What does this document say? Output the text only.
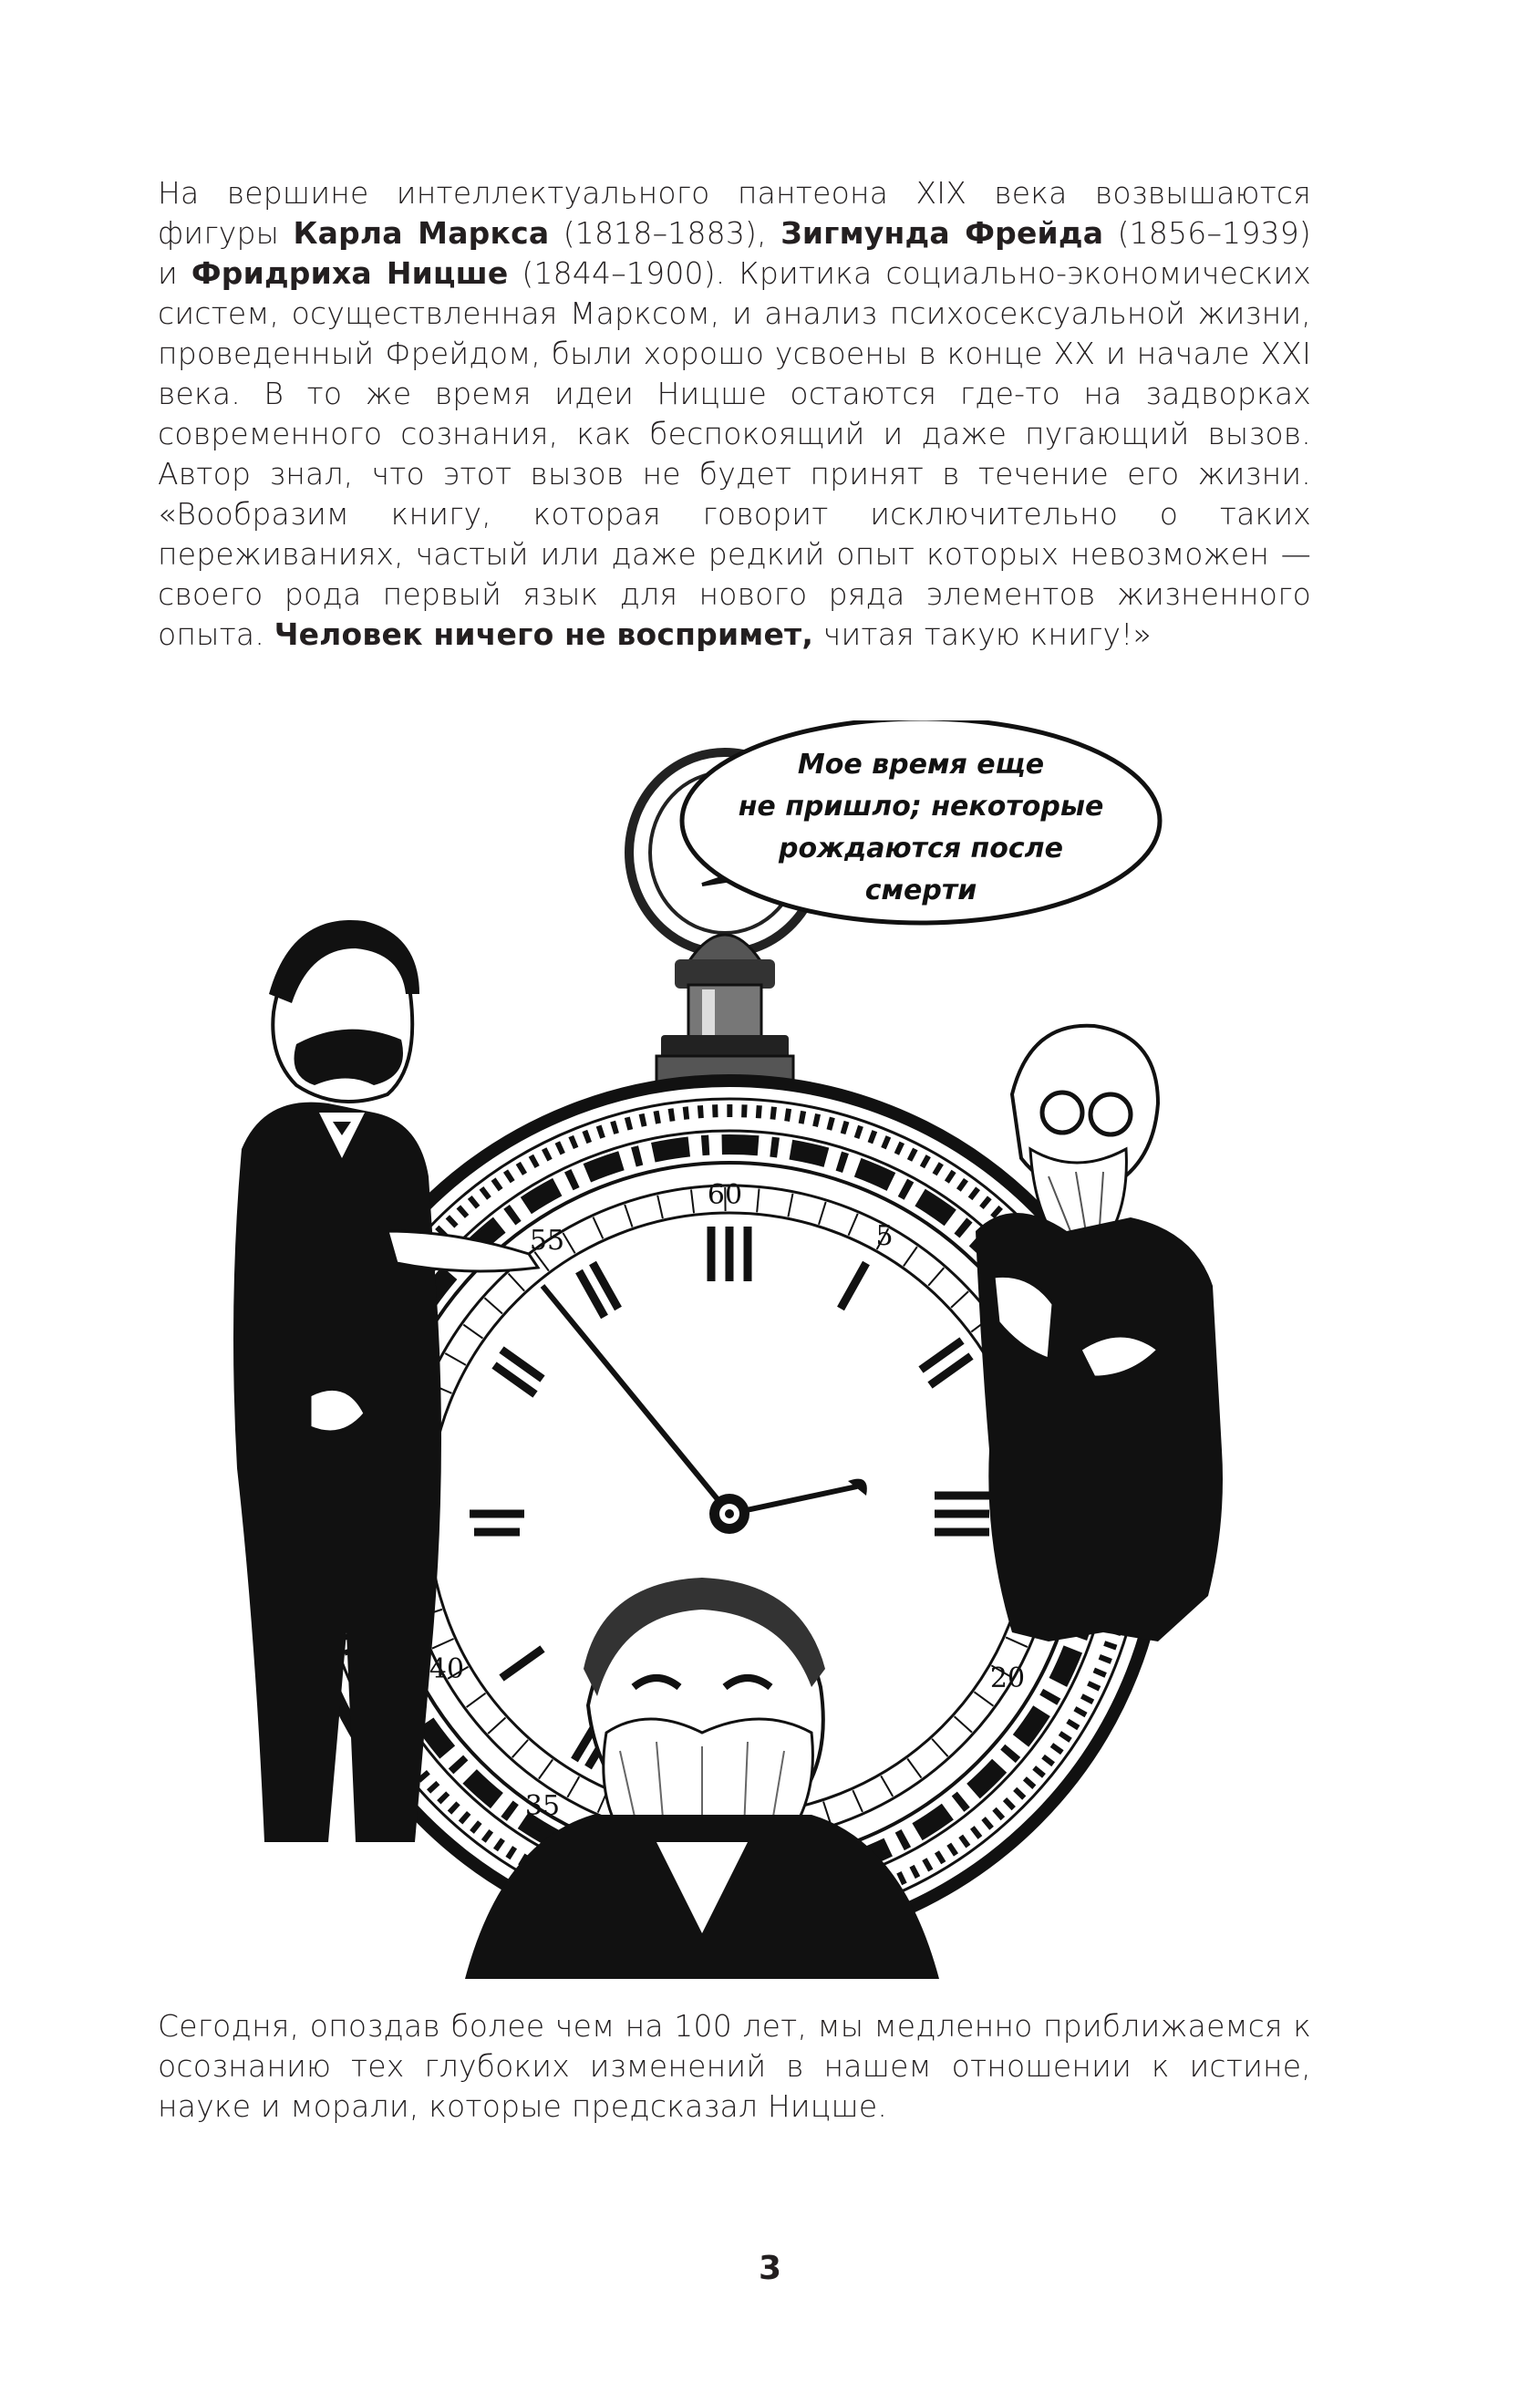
На вершине интеллектуального пантеона XIX века возвышаются фигуры Карла Маркса (1818–1883), Зигмунда Фрейда (1856–1939) и Фридриха Ницше (1844–1900). Критика социально-экономических систем, осуществленная Марксом, и анализ психосексуальной жизни, проведенный Фрейдом, были хорошо усвоены в конце XX и начале XXI века. В то же время идеи Ницше остаются где-то на задворках современного сознания, как беспокоящий и даже пугающий вызов. Автор знал, что этот вызов не будет принят в течение его жизни. «Вообразим книгу, которая говорит исключительно о таких переживаниях, частый или даже редкий опыт которых невозможен — своего рода первый язык для нового ряда элементов жизненного опыта. Человек ничего не воспримет, читая такую книгу!»

60
5
20
55
40
35
Мое время еще
не пришло; некоторые
рождаются после
смерти

Сегодня, опоздав более чем на 100 лет, мы медленно приближаемся к осознанию тех глубоких изменений в нашем отношении к истине, науке и морали, которые предсказал Ницше.

3
